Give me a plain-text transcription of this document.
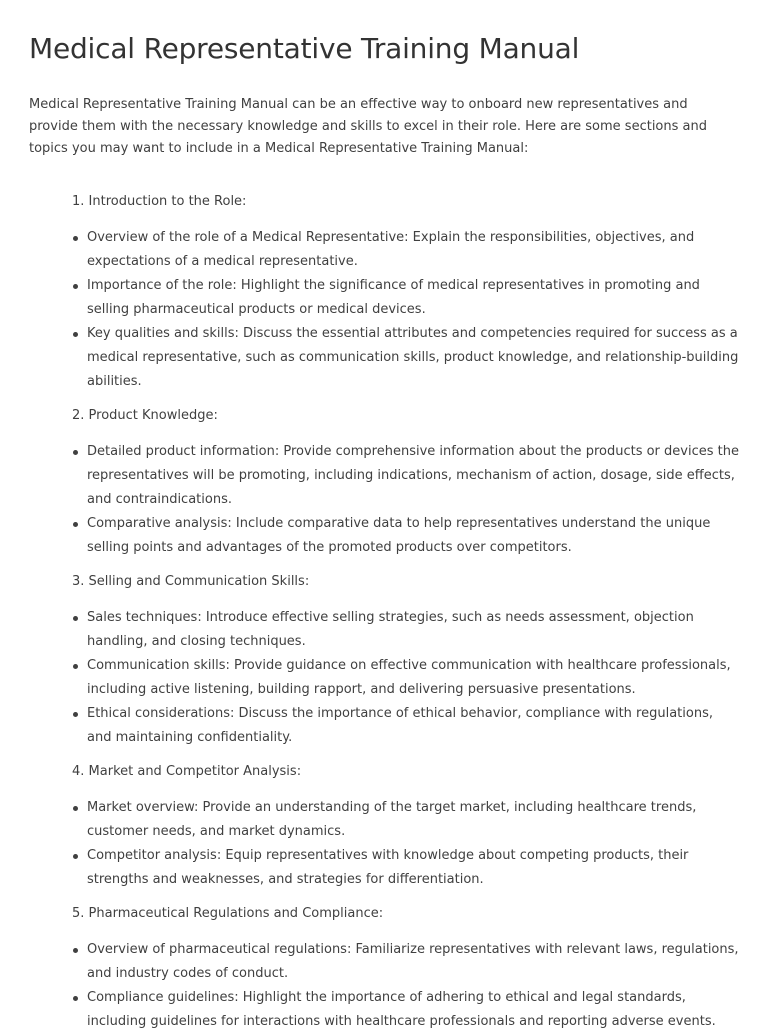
Medical Representative Training Manual

Medical Representative Training Manual can be an effective way to onboard new representatives and provide them with the necessary knowledge and skills to excel in their role. Here are some sections and topics you may want to include in a Medical Representative Training Manual:

1. Introduction to the Role:
Overview of the role of a Medical Representative: Explain the responsibilities, objectives, and expectations of a medical representative.
Importance of the role: Highlight the significance of medical representatives in promoting and selling pharmaceutical products or medical devices.
Key qualities and skills: Discuss the essential attributes and competencies required for success as a medical representative, such as communication skills, product knowledge, and relationship-building abilities.
2. Product Knowledge:
Detailed product information: Provide comprehensive information about the products or devices the representatives will be promoting, including indications, mechanism of action, dosage, side effects, and contraindications.
Comparative analysis: Include comparative data to help representatives understand the unique selling points and advantages of the promoted products over competitors.
3. Selling and Communication Skills:
Sales techniques: Introduce effective selling strategies, such as needs assessment, objection handling, and closing techniques.
Communication skills: Provide guidance on effective communication with healthcare professionals, including active listening, building rapport, and delivering persuasive presentations.
Ethical considerations: Discuss the importance of ethical behavior, compliance with regulations, and maintaining confidentiality.
4. Market and Competitor Analysis:
Market overview: Provide an understanding of the target market, including healthcare trends, customer needs, and market dynamics.
Competitor analysis: Equip representatives with knowledge about competing products, their strengths and weaknesses, and strategies for differentiation.
5. Pharmaceutical Regulations and Compliance:
Overview of pharmaceutical regulations: Familiarize representatives with relevant laws, regulations, and industry codes of conduct.
Compliance guidelines: Highlight the importance of adhering to ethical and legal standards, including guidelines for interactions with healthcare professionals and reporting adverse events.
